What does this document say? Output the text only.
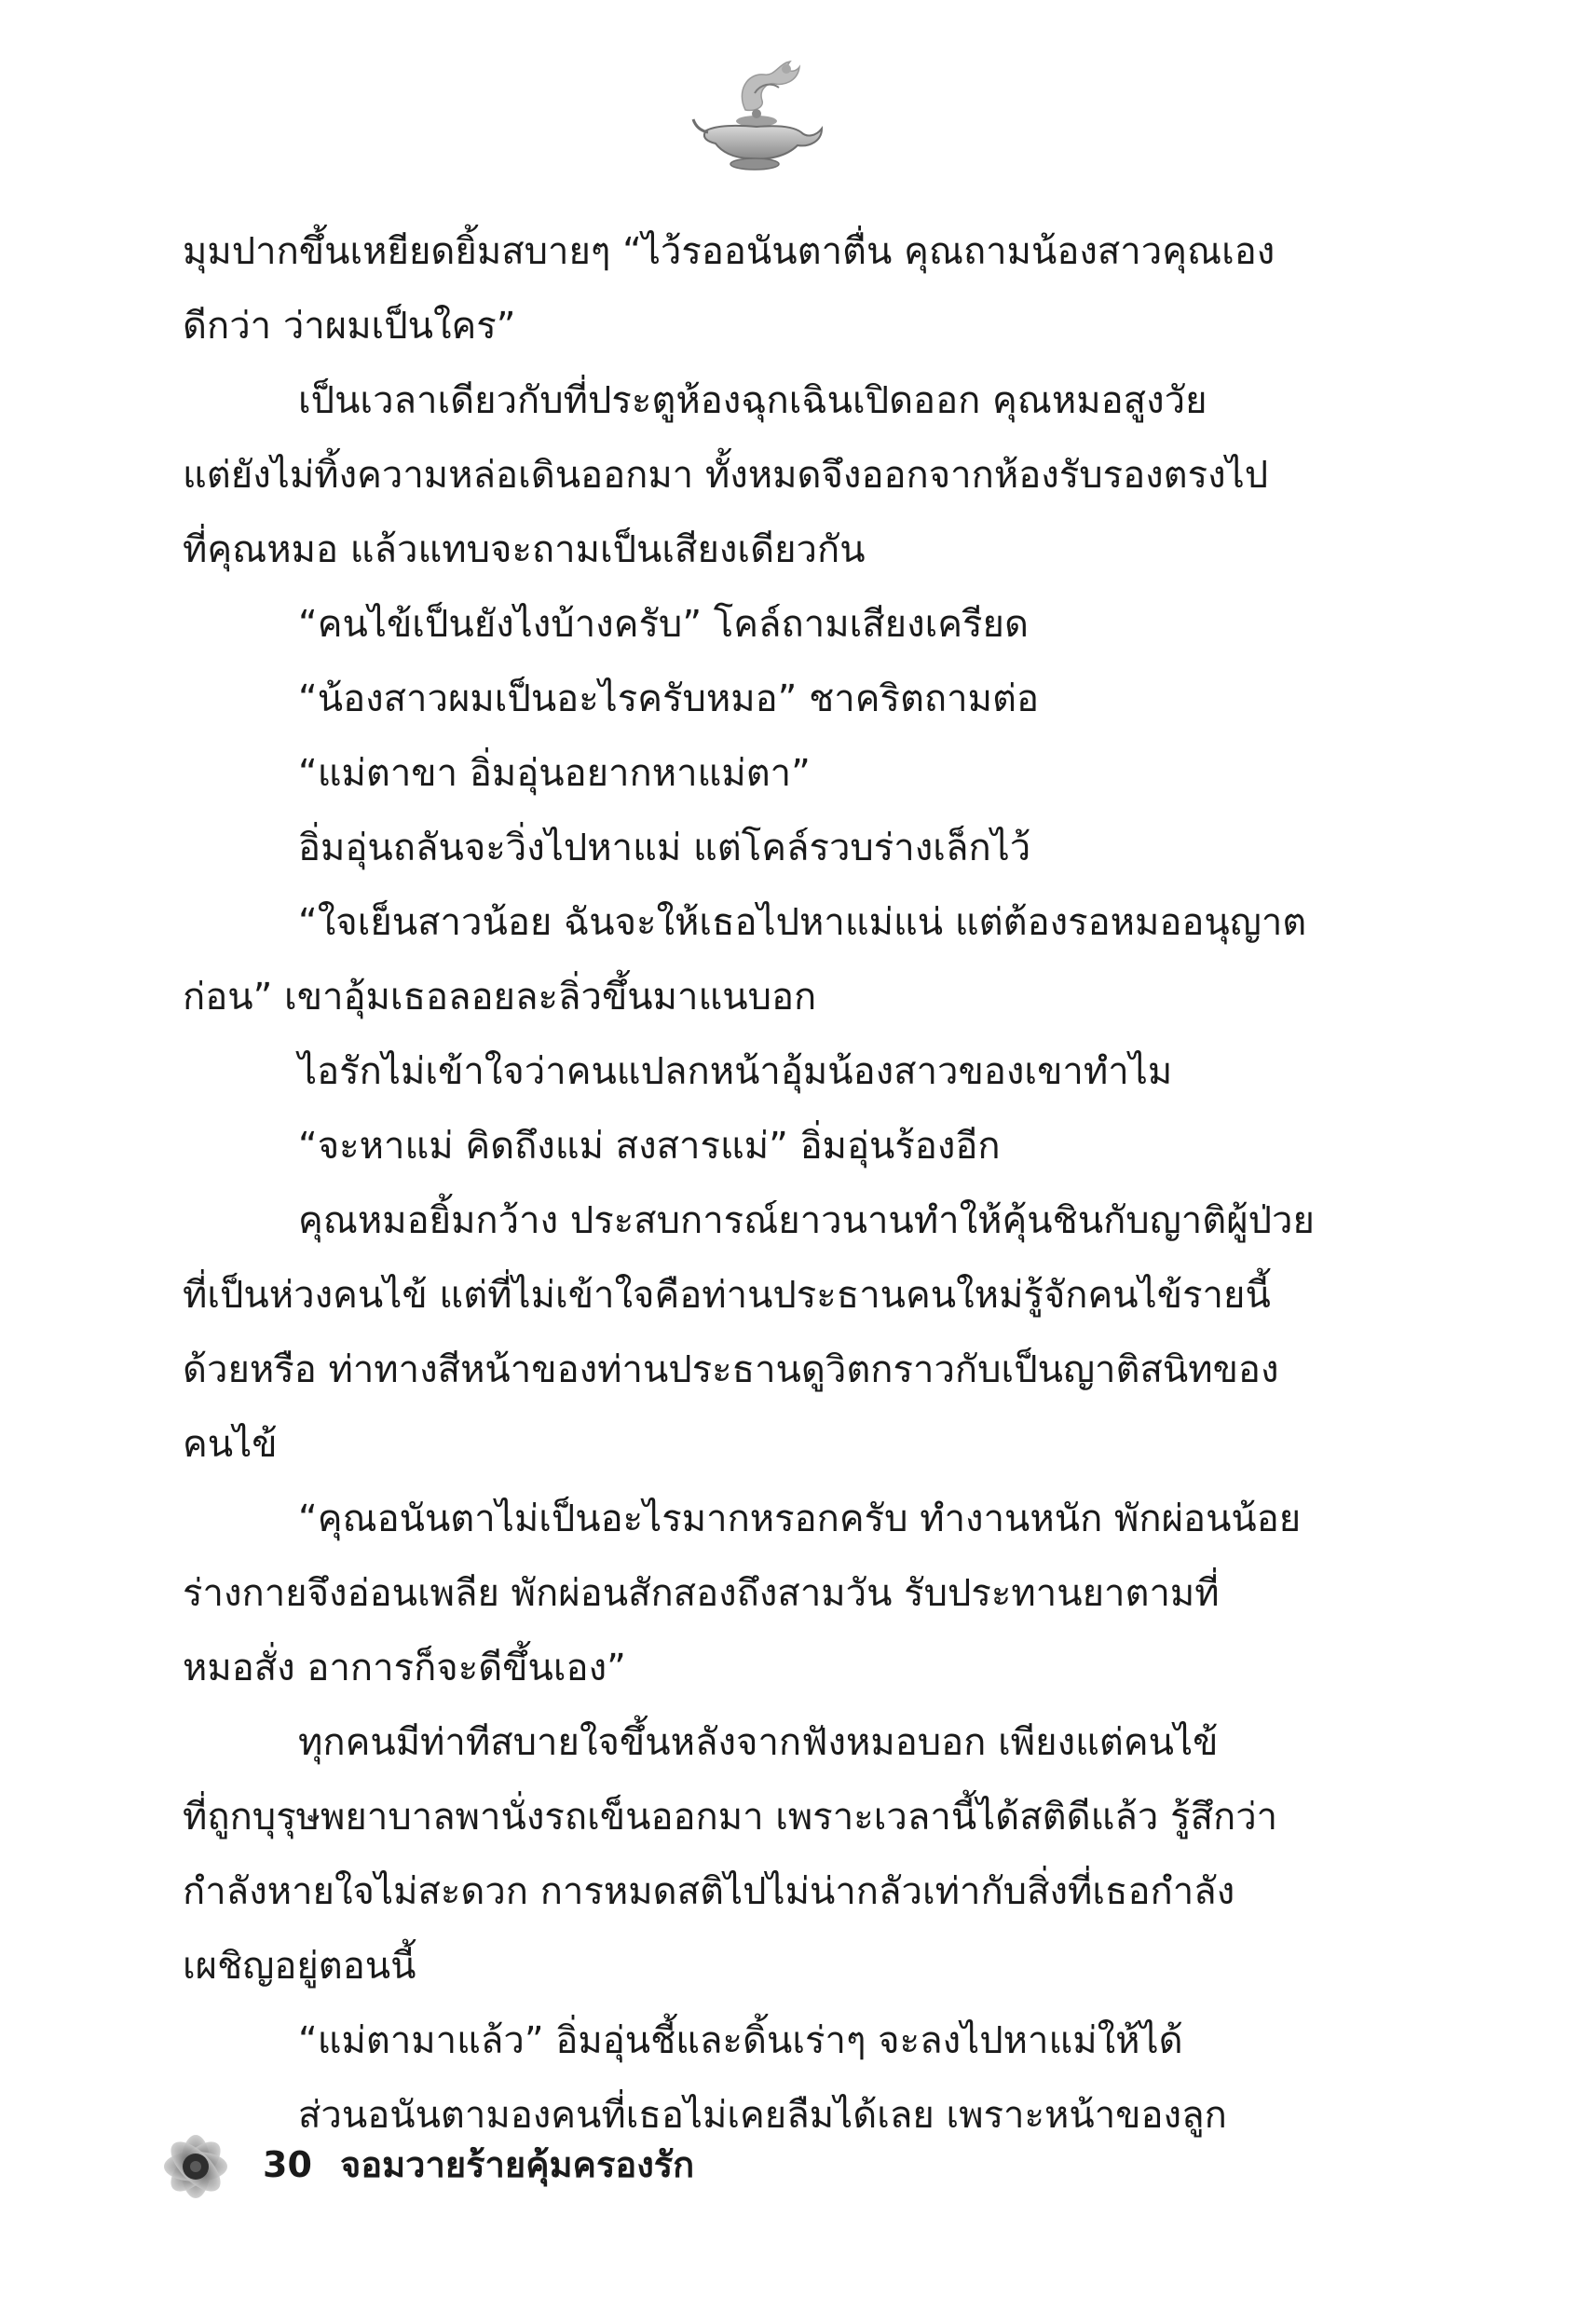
มุมปากขึ้นเหยียดยิ้มสบายๆ “ไว้รออนันตาตื่น คุณถามน้องสาวคุณเอง
ดีกว่า ว่าผมเป็นใคร”
เป็นเวลาเดียวกับที่ประตูห้องฉุกเฉินเปิดออก คุณหมอสูงวัย
แต่ยังไม่ทิ้งความหล่อเดินออกมา ทั้งหมดจึงออกจากห้องรับรองตรงไป
ที่คุณหมอ แล้วแทบจะถามเป็นเสียงเดียวกัน
“คนไข้เป็นยังไงบ้างครับ” โคล์ถามเสียงเครียด
“น้องสาวผมเป็นอะไรครับหมอ” ชาคริตถามต่อ
“แม่ตาขา อิ่มอุ่นอยากหาแม่ตา”
อิ่มอุ่นถลันจะวิ่งไปหาแม่ แต่โคล์รวบร่างเล็กไว้
“ใจเย็นสาวน้อย ฉันจะให้เธอไปหาแม่แน่ แต่ต้องรอหมออนุญาต
ก่อน” เขาอุ้มเธอลอยละลิ่วขึ้นมาแนบอก
ไอรักไม่เข้าใจว่าคนแปลกหน้าอุ้มน้องสาวของเขาทำไม
“จะหาแม่ คิดถึงแม่ สงสารแม่” อิ่มอุ่นร้องอีก
คุณหมอยิ้มกว้าง ประสบการณ์ยาวนานทำให้คุ้นชินกับญาติผู้ป่วย
ที่เป็นห่วงคนไข้ แต่ที่ไม่เข้าใจคือท่านประธานคนใหม่รู้จักคนไข้รายนี้
ด้วยหรือ ท่าทางสีหน้าของท่านประธานดูวิตกราวกับเป็นญาติสนิทของ
คนไข้
“คุณอนันตาไม่เป็นอะไรมากหรอกครับ ทำงานหนัก พักผ่อนน้อย
ร่างกายจึงอ่อนเพลีย พักผ่อนสักสองถึงสามวัน รับประทานยาตามที่
หมอสั่ง อาการก็จะดีขึ้นเอง”
ทุกคนมีท่าทีสบายใจขึ้นหลังจากฟังหมอบอก เพียงแต่คนไข้
ที่ถูกบุรุษพยาบาลพานั่งรถเข็นออกมา เพราะเวลานี้ได้สติดีแล้ว รู้สึกว่า
กำลังหายใจไม่สะดวก การหมดสติไปไม่น่ากลัวเท่ากับสิ่งที่เธอกำลัง
เผชิญอยู่ตอนนี้
“แม่ตามาแล้ว” อิ่มอุ่นชี้และดิ้นเร่าๆ จะลงไปหาแม่ให้ได้
ส่วนอนันตามองคนที่เธอไม่เคยลืมได้เลย เพราะหน้าของลูก
30 จอมวายร้ายคุ้มครองรัก
